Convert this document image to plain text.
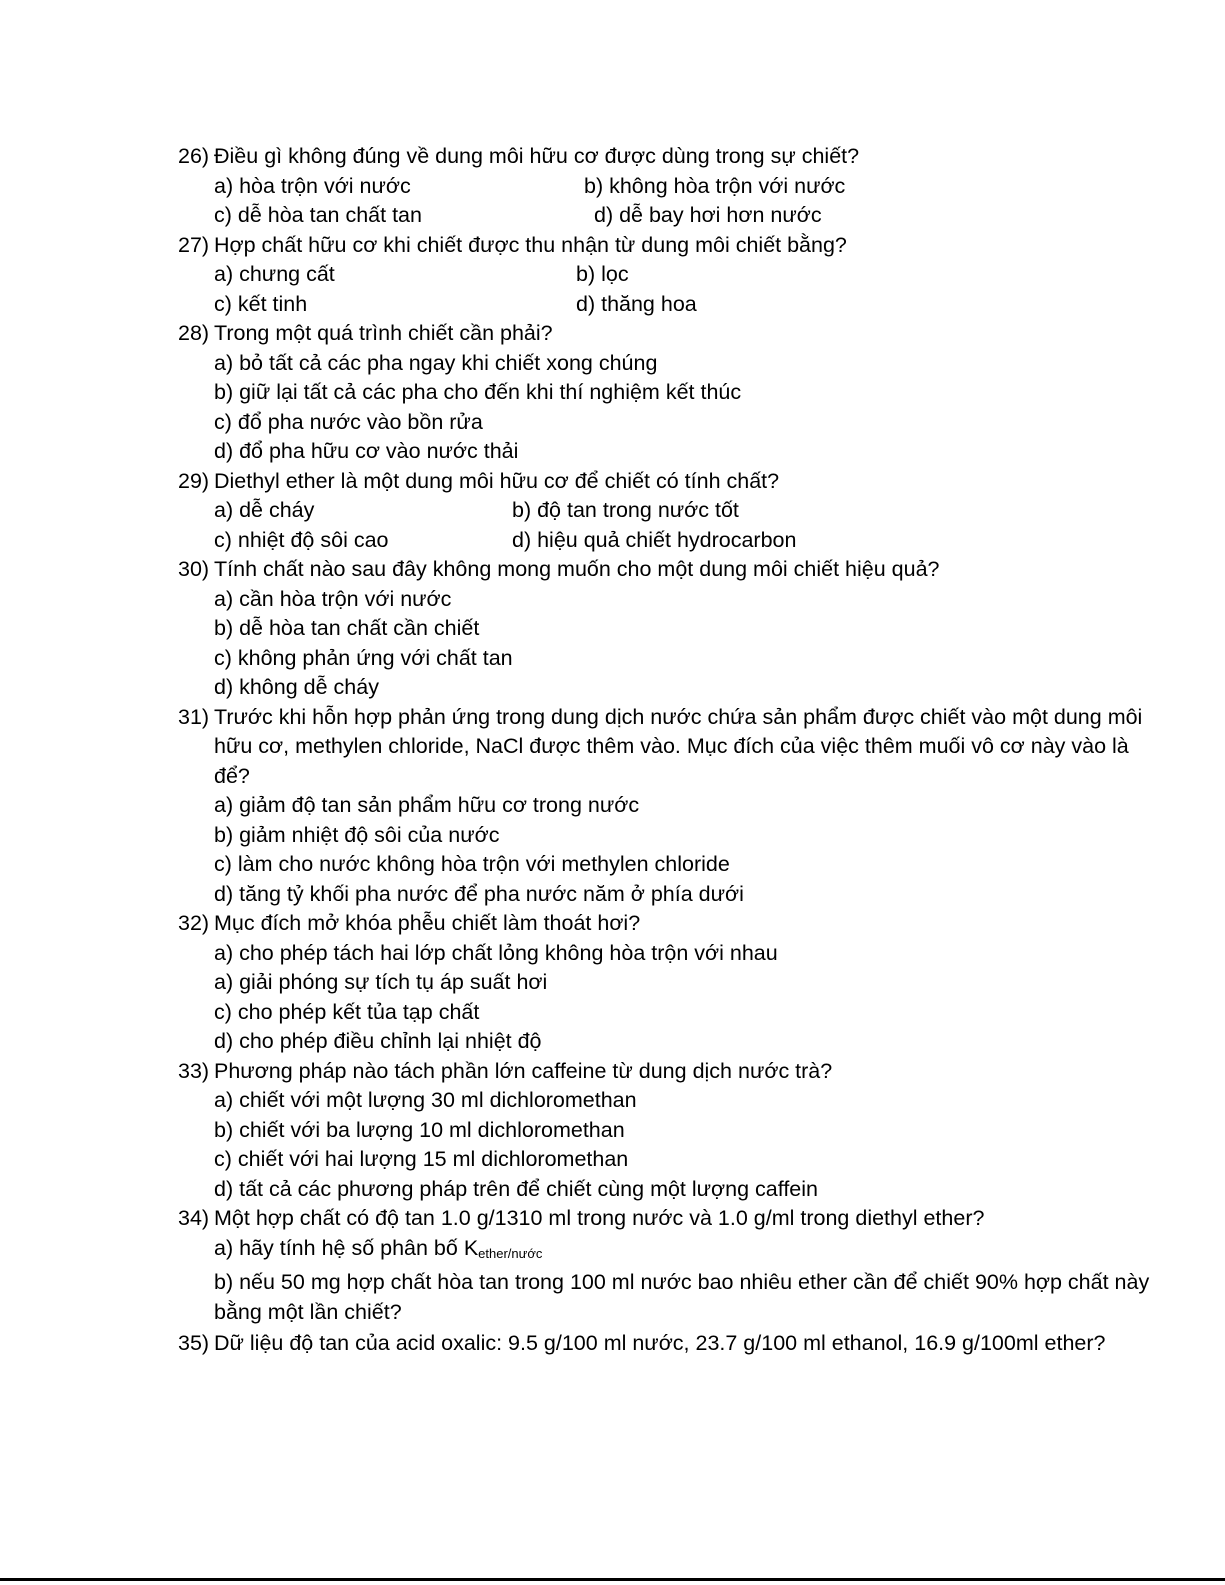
26) Điều gì không đúng về dung môi hữu cơ được dùng trong sự chiết?
a) hòa trộn với nước	b) không hòa trộn với nước
c) dễ hòa tan chất tan	d) dễ bay hơi hơn nước
27) Hợp chất hữu cơ khi chiết được thu nhận từ dung môi chiết bằng?
a) chưng cất	b) lọc
c) kết tinh	d) thăng hoa
28) Trong một quá trình chiết cần phải?
a) bỏ tất cả các pha ngay khi chiết xong chúng
b) giữ lại tất cả các pha cho đến khi thí nghiệm kết thúc
c) đổ pha nước vào bồn rửa
d) đổ pha hữu cơ vào nước thải
29) Diethyl ether là một dung môi hữu cơ để chiết có tính chất?
a) dễ cháy	b) độ tan trong nước tốt
c) nhiệt độ sôi cao	d) hiệu quả chiết hydrocarbon
30) Tính chất nào sau đây không mong muốn cho một dung môi chiết hiệu quả?
a) cần hòa trộn với nước
b) dễ hòa tan chất cần chiết
c) không phản ứng với chất tan
d) không dễ cháy
31) Trước khi hỗn hợp phản ứng trong dung dịch nước chứa sản phẩm được chiết vào một dung môi hữu cơ, methylen chloride, NaCl được thêm vào. Mục đích của việc thêm muối vô cơ này vào là để?
a) giảm độ tan sản phẩm hữu cơ trong nước
b) giảm nhiệt độ sôi của nước
c) làm cho nước không hòa trộn với methylen chloride
d) tăng tỷ khối pha nước để pha nước năm ở phía dưới
32) Mục đích mở khóa phễu chiết làm thoát hơi?
a) cho phép tách hai lớp chất lỏng không hòa trộn với nhau
a) giải phóng sự tích tụ áp suất hơi
c) cho phép kết tủa tạp chất
d) cho phép điều chỉnh lại nhiệt độ
33) Phương pháp nào tách phần lớn caffeine từ dung dịch nước trà?
a) chiết với một lượng 30 ml dichloromethan
b) chiết với ba lượng 10 ml dichloromethan
c) chiết với hai lượng 15 ml dichloromethan
d) tất cả các phương pháp trên để chiết cùng một lượng caffein
34) Một hợp chất có độ tan 1.0 g/1310 ml trong nước và 1.0 g/ml trong diethyl ether?
a) hãy tính hệ số phân bố $K_{ether/nước}$
b) nếu 50 mg hợp chất hòa tan trong 100 ml nước bao nhiêu ether cần để chiết 90% hợp chất này bằng một lần chiết?
35) Dữ liệu độ tan của acid oxalic: 9.5 g/100 ml nước, 23.7 g/100 ml ethanol, 16.9 g/100ml ether?
